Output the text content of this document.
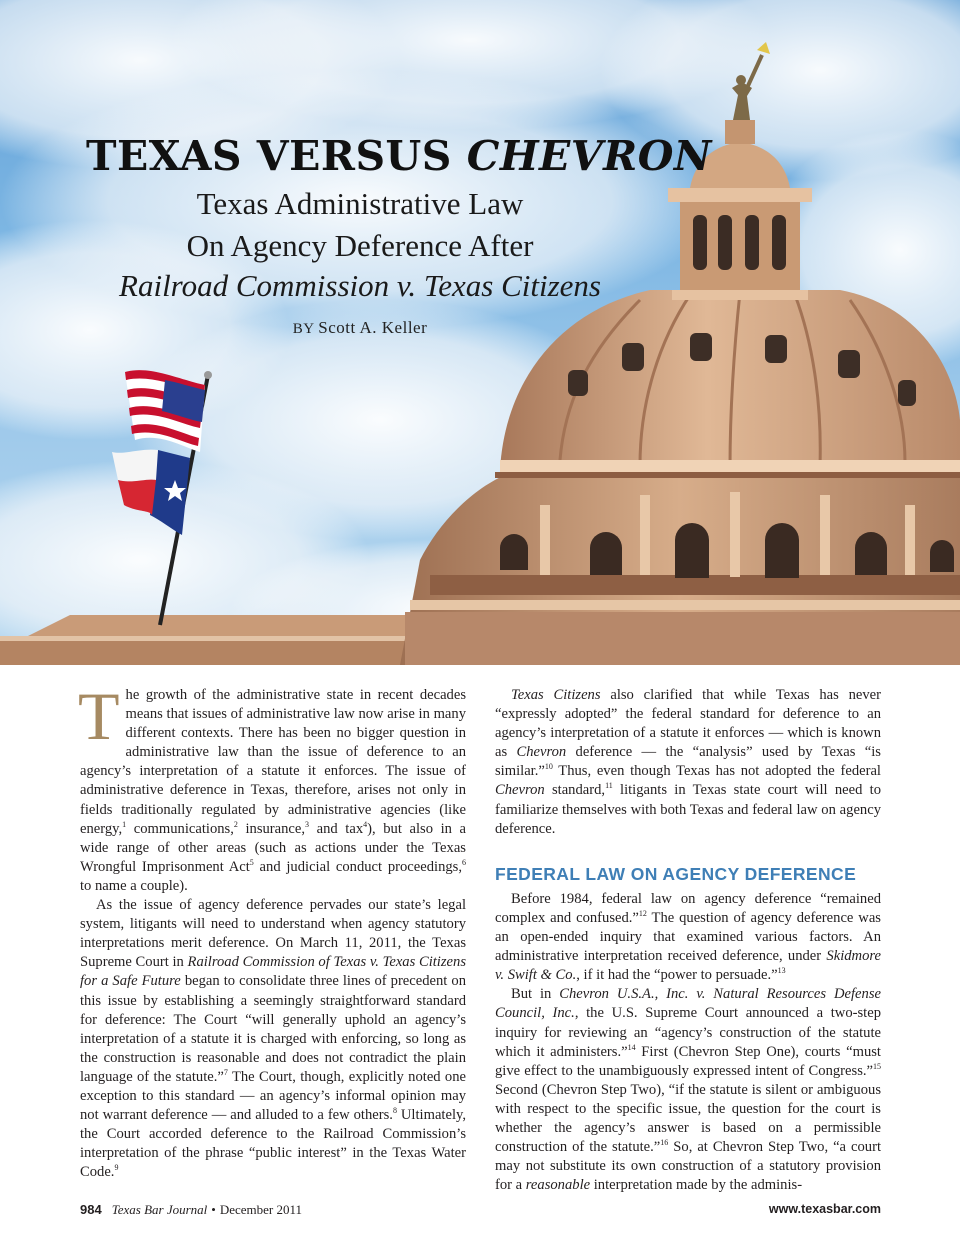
TEXAS VERSUS CHEVRON

Texas Administrative Law

On Agency Deference After

Railroad Commission v. Texas Citizens

BY Scott A. Keller

The growth of the administrative state in recent decades means that issues of administrative law now arise in many different contexts. There has been no bigger question in administrative law than the issue of deference to an agency’s interpretation of a statute it enforces. The issue of administrative deference in Texas, therefore, arises not only in fields traditionally regulated by administrative agencies (like energy,$^1$ communications,$^2$ insurance,$^3$ and tax$^4$), but also in a wide range of other areas (such as actions under the Texas Wrongful Imprisonment Act$^5$ and judicial conduct proceedings,$^6$ to name a couple).

As the issue of agency deference pervades our state’s legal system, litigants will need to understand when agency statutory interpretations merit deference. On March 11, 2011, the Texas Supreme Court in Railroad Commission of Texas v. Texas Citizens for a Safe Future began to consolidate three lines of precedent on this issue by establishing a seemingly straightforward standard for deference: The Court “will generally uphold an agency’s interpretation of a statute it is charged with enforcing, so long as the construction is reasonable and does not contradict the plain language of the statute.”$^7$ The Court, though, explicitly noted one exception to this standard — an agency’s informal opinion may not warrant deference — and alluded to a few others.$^8$ Ultimately, the Court accorded deference to the Railroad Commission’s interpretation of the phrase “public interest” in the Texas Water Code.$^9$

Texas Citizens also clarified that while Texas has never “expressly adopted” the federal standard for deference to an agency’s interpretation of a statute it enforces — which is known as Chevron deference — the “analysis” used by Texas “is similar.”$^{10}$ Thus, even though Texas has not adopted the federal Chevron standard,$^{11}$ litigants in Texas state court will need to familiarize themselves with both Texas and federal law on agency deference.

FEDERAL LAW ON AGENCY DEFERENCE

Before 1984, federal law on agency deference “remained complex and confused.”$^{12}$ The question of agency deference was an open-ended inquiry that examined various factors. An administrative interpretation received deference, under Skidmore v. Swift & Co., if it had the “power to persuade.”$^{13}$

But in Chevron U.S.A., Inc. v. Natural Resources Defense Council, Inc., the U.S. Supreme Court announced a two-step inquiry for reviewing an “agency’s construction of the statute which it administers.”$^{14}$ First (Chevron Step One), courts “must give effect to the unambiguously expressed intent of Congress.”$^{15}$ Second (Chevron Step Two), “if the statute is silent or ambiguous with respect to the specific issue, the question for the court is whether the agency’s answer is based on a permissible construction of the statute.”$^{16}$ So, at Chevron Step Two, “a court may not substitute its own construction of a statutory provision for a reasonable interpretation made by the adminis-

984 Texas Bar Journal • December 2011	www.texasbar.com
